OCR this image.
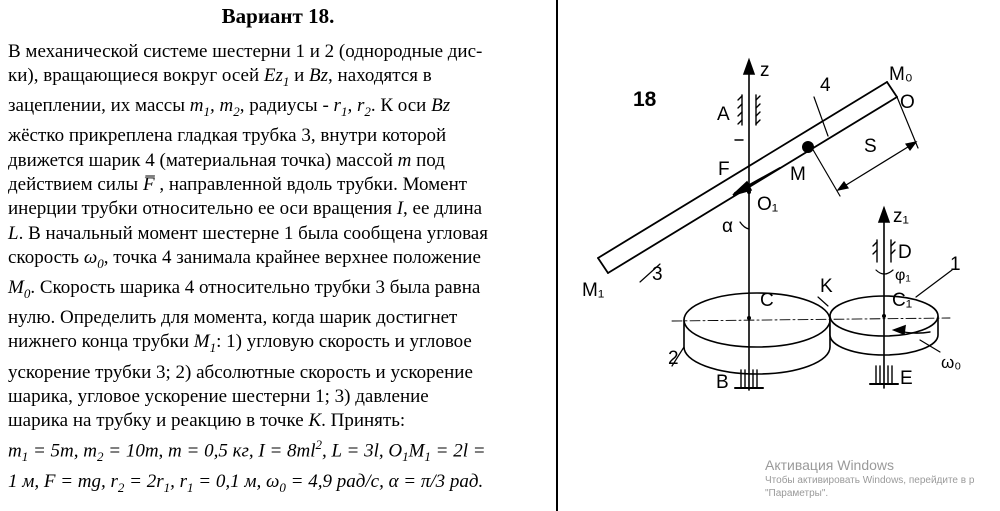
Вариант 18.
В механической системе шестерни 1 и 2 (однородные дис-
ки), вращающиеся вокруг осей $Ez_1$ и Bz, находятся в
зацеплении, их массы $m_1$, $m_2$, радиусы - $r_1$, $r_2$. К оси Bz
жёстко прикреплена гладкая трубка 3, внутри которой
движется шарик 4 (материальная точка) массой m под
действием силы F̅ , направленной вдоль трубки. Момент
инерции трубки относительно ее оси вращения I, ее длина
L. В начальный момент шестерне 1 была сообщена угловая
скорость $\omega_0$, точка 4 занимала крайнее верхнее положение
$M_0$. Скорость шарика 4 относительно трубки 3 была равна
нулю. Определить для момента, когда шарик достигнет
нижнего конца трубки $M_1$: 1) угловую скорость и угловое
ускорение трубки 3; 2) абсолютные скорость и ускорение
шарика, угловое ускорение шестерни 1; 3) давление
шарика на трубку и реакцию в точке K. Принять:
$m_1 = 5m$, $m_2 = 10m$, m = 0,5 кг, $I = 8ml^2$, L = 3l, $O_1M_1 = 2l$ =
1 м, F = mg, $r_2 = 2r_1$, $r_1 = 0,1$ м, $\omega_0 = 4,9$ рад/с, α = π/3 рад.
18
z
A
F
O₁
α
M₀
O
4
S
M
M₁
3
C
K
C₁
z₁
D
φ₁
1
2	ω₀
B	E
Активация Windows
Чтобы активировать Windows, перейдите в р
"Параметры".
